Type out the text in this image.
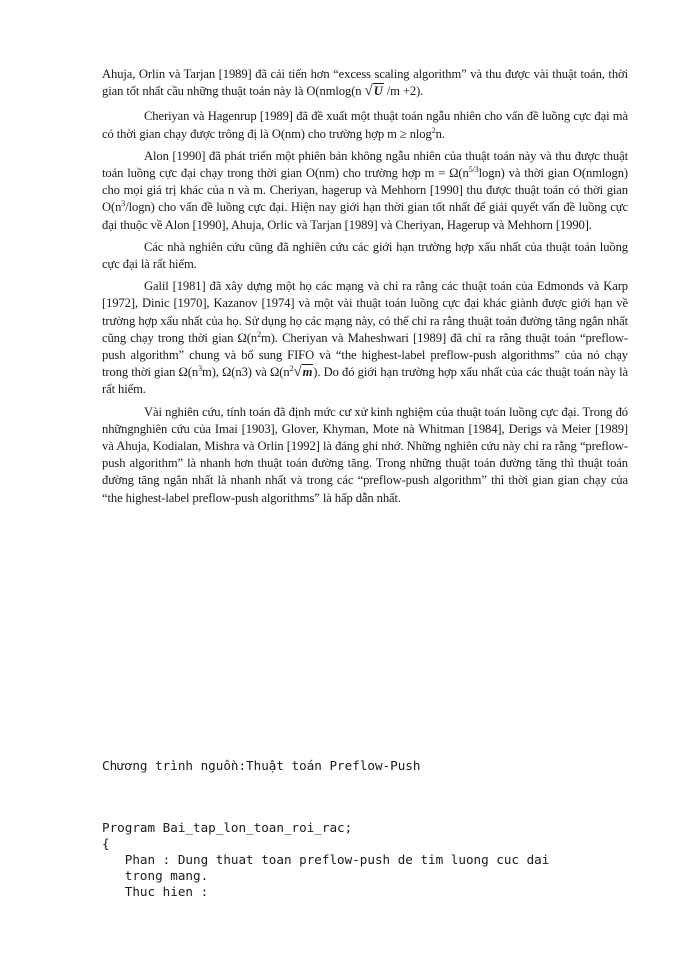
Ahuja, Orlin và Tarjan [1989] đã cải tiến hơn “excess scaling algorithm” và thu được vài thuật toán, thời gian tốt nhất cầu những thuật toán này là O(nmlog(n √U /m +2).

Cheriyan và Hagenrup [1989] đã đề xuất một thuật toán ngẫu nhiên cho vấn đề luồng cực đại mà có thời gian chạy được trông đị là O(nm) cho trường hợp m ≥ nlog$^2$n.

Alon [1990] đã phát triển một phiên bản không ngẫu nhiên của thuật toán này và thu được thuật toán luồng cực đại chạy trong thời gian O(nm) cho trường hợp $m = \Omega(n^{5/3}\log n)$ và thời gian O(nmlogn) cho mọi giá trị khác của n và m. Cheriyan, hagerup và Mehhorn [1990] thu được thuật toán có thời gian $O(n^3/\log n)$ cho vấn đề luồng cực đại. Hiện nay giới hạn thời gian tốt nhất để giải quyết vấn đề luồng cực đại thuộc về Alon [1990], Ahuja, Orlic và Tarjan [1989] và Cheriyan, Hagerup và Mehhorn [1990].

Các nhà nghiên cứu cũng đã nghiên cứu các giới hạn trường hợp xấu nhất của thuật toán luồng cực đại là rất hiếm.

Galil [1981] đã xây dựng một họ các mạng và chỉ ra rằng các thuật toán của Edmonds và Karp [1972], Dinic [1970], Kazanov [1974] và một vài thuật toán luồng cực đại khác giành được giới hạn về trường hợp xấu nhất của họ. Sử dụng họ các mạng này, có thể chỉ ra rằng thuật toán đường tăng ngắn nhất cũng chạy trong thời gian $\Omega(n^2m)$. Cheriyan và Maheshwari [1989] đã chỉ ra rằng thuật toán “preflow-push algorithm” chung và bổ sung FIFO và “the highest-label preflow-push algorithms” của nó chạy trong thời gian $\Omega(n^3m)$, Ω(n3) và $\Omega(n^2√m)$. Do đó giới hạn trường hợp xấu nhất của các thuật toán này là rất hiếm.

Vài nghiên cứu, tính toán đã định mức cư xử kinh nghiệm của thuật toán luồng cực đại. Trong đó nhữngnghiên cứu của Imai [1903], Glover, Khyman, Mote nà Whitman [1984], Derigs và Meier [1989] và Ahuja, Kodialan, Mishra và Orlin [1992] là đáng ghi nhớ. Những nghiên cứu này chỉ ra rằng “preflow-push algorithm” là nhanh hơn thuật toán đường tăng. Trong những thuật toán đường tăng thì thuật toán đường tăng ngắn nhất là nhanh nhất và trong các “preflow-push algorithm” thì thời gian gian chạy của “the highest-label preflow-push algorithms” là hấp dẫn nhất.

Chương trình nguồn:Thuật toán Preflow-Push

Program Bai_tap_lon_toan_roi_rac;
{
Phan : Dung thuat toan preflow-push de tim luong cuc dai
trong mang.
Thuc hien :
